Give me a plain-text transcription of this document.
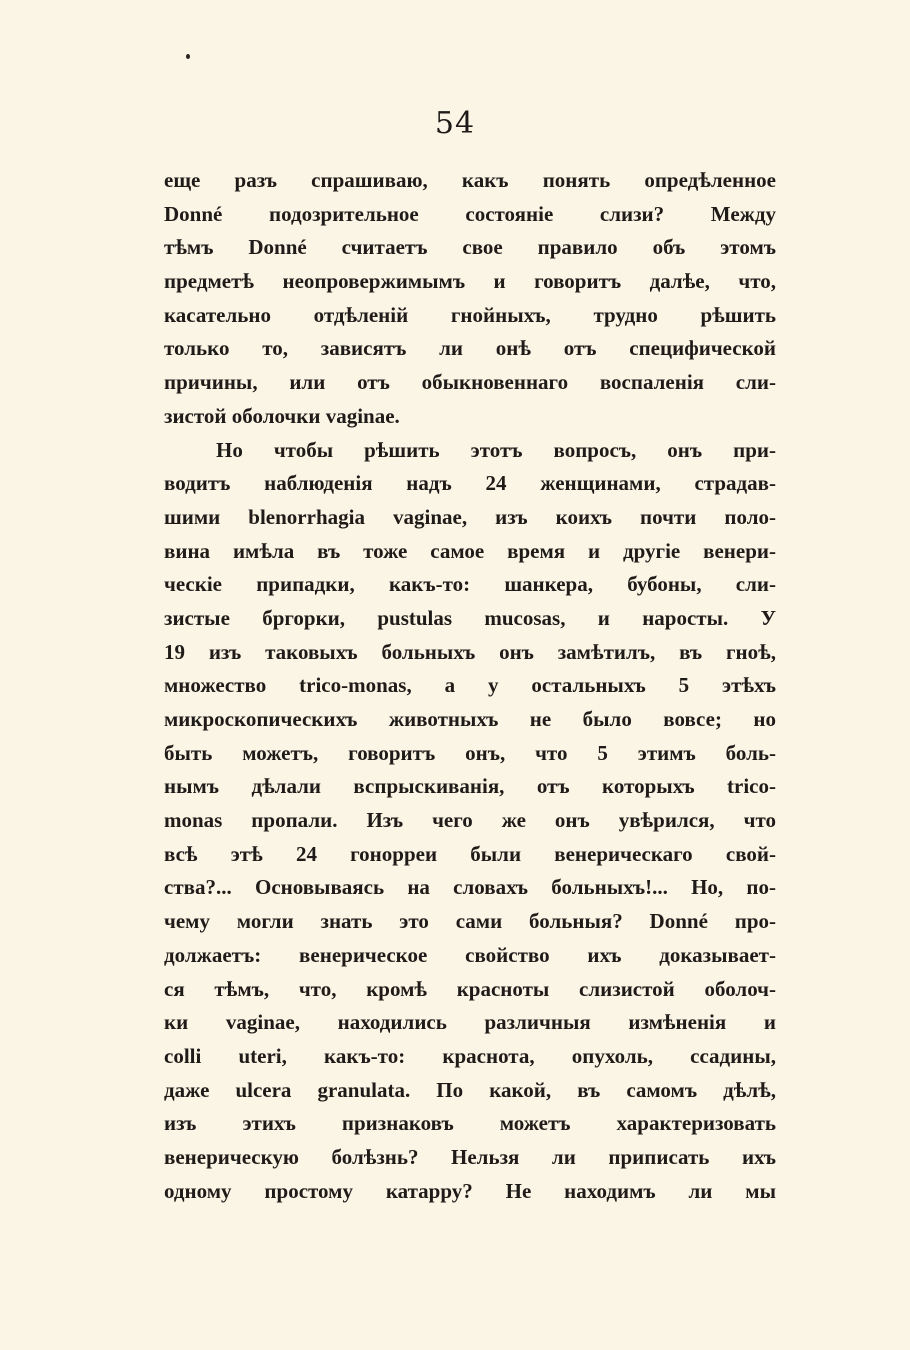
54
еще разъ спрашиваю, какъ понять опредѣленное
Donné подозрительное состояніе слизи? Между
тѣмъ Donné считаетъ свое правило объ этомъ
предметѣ неопровержимымъ и говоритъ далѣе, что,
касательно отдѣленій гнойныхъ, трудно рѣшить
только то, зависятъ ли онѣ отъ специфической
причины, или отъ обыкновеннаго воспаленія сли-
зистой оболочки vaginae.
Но чтобы рѣшить этотъ вопросъ, онъ при-
водитъ наблюденія надъ 24 женщинами, страдав-
шими blenorrhagia vaginae, изъ коихъ почти поло-
вина имѣла въ тоже самое время и другіе венери-
ческіе припадки, какъ-то: шанкера, бубоны, сли-
зистые бргорки, pustulas mucosas, и наросты. У
19 изъ таковыхъ больныхъ онъ замѣтилъ, въ гноѣ,
множество trico-monas, а у остальныхъ 5 этѣхъ
микроскопическихъ животныхъ не было вовсе; но
быть можетъ, говоритъ онъ, что 5 этимъ боль-
нымъ дѣлали вспрыскиванія, отъ которыхъ trico-
monas пропали. Изъ чего же онъ увѣрился, что
всѣ этѣ 24 гонорреи были венерическаго свой-
ства?... Основываясь на словахъ больныхъ!... Но, по-
чему могли знать это сами больныя? Donné про-
должаетъ: венерическое свойство ихъ доказывает-
ся тѣмъ, что, кромѣ красноты слизистой оболоч-
ки vaginae, находились различныя измѣненія и
colli uteri, какъ-то: краснота, опухоль, ссадины,
даже ulcera granulata. По какой, въ самомъ дѣлѣ,
изъ этихъ признаковъ можетъ характеризовать
венерическую болѣзнь? Нельзя ли приписать ихъ
одному простому катарру? Не находимъ ли мы
